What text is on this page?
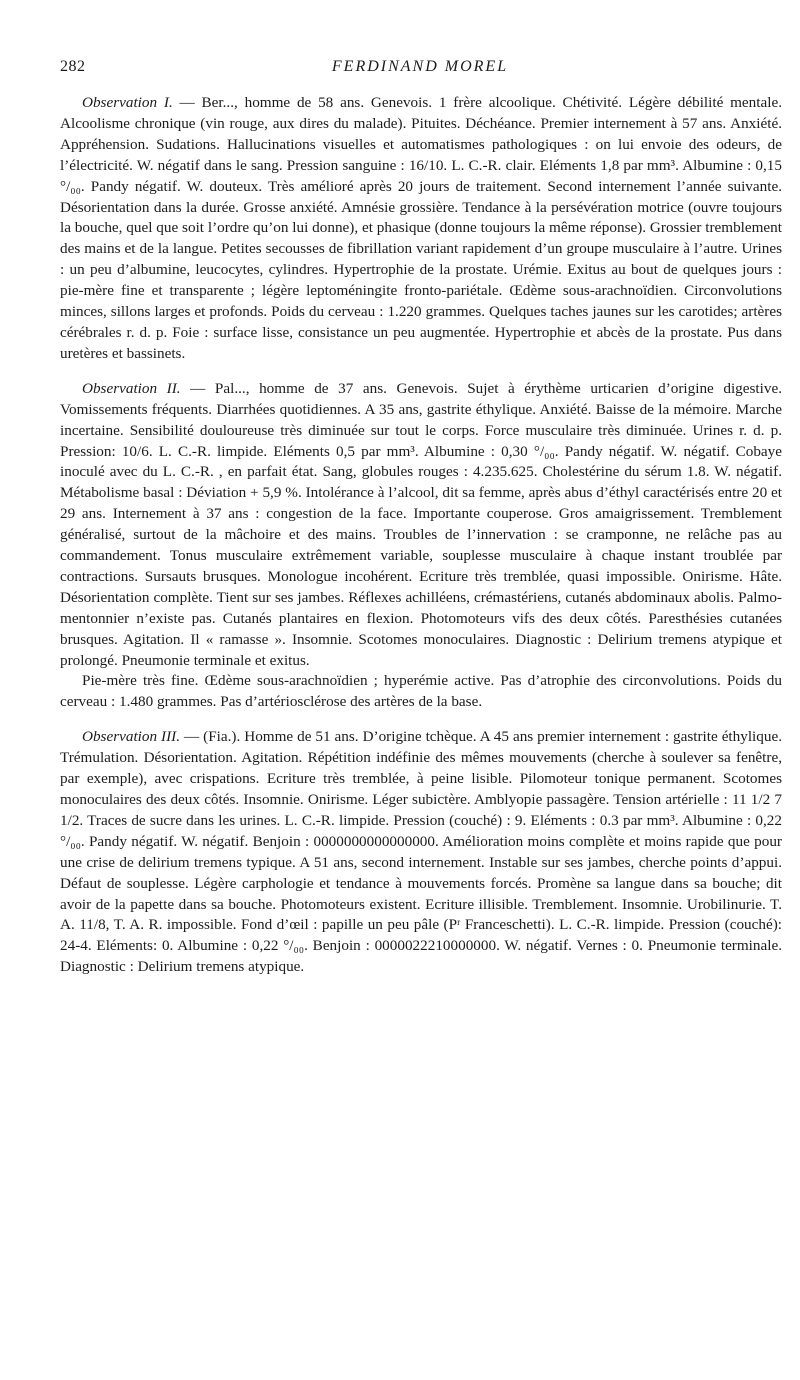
282	FERDINAND MOREL

Observation I. — Ber..., homme de 58 ans. Genevois. 1 frère alcoolique. Chétivité. Légère débilité mentale. Alcoolisme chronique (vin rouge, aux dires du malade). Pituites. Déchéance. Premier internement à 57 ans. Anxiété. Appréhension. Sudations. Hallucinations visuelles et automatismes pathologiques : on lui envoie des odeurs, de l’électricité. W. négatif dans le sang. Pression sanguine : 16/10. L. C.-R. clair. Eléments 1,8 par mm³. Albumine : 0,15 °/₀₀. Pandy négatif. W. douteux. Très amélioré après 20 jours de traitement. Second internement l’année suivante. Désorientation dans la durée. Grosse anxiété. Amnésie grossière. Tendance à la persévération motrice (ouvre toujours la bouche, quel que soit l’ordre qu’on lui donne), et phasique (donne toujours la même réponse). Grossier tremblement des mains et de la langue. Petites secousses de fibrillation variant rapidement d’un groupe musculaire à l’autre. Urines : un peu d’albumine, leucocytes, cylindres. Hypertrophie de la prostate. Urémie. Exitus au bout de quelques jours : pie-mère fine et transparente ; légère leptoméningite fronto-pariétale. Œdème sous-arachnoïdien. Circonvolutions minces, sillons larges et profonds. Poids du cerveau : 1.220 grammes. Quelques taches jaunes sur les carotides; artères cérébrales r. d. p. Foie : surface lisse, consistance un peu augmentée. Hypertrophie et abcès de la prostate. Pus dans uretères et bassinets.

Observation II. — Pal..., homme de 37 ans. Genevois. Sujet à érythème urticarien d’origine digestive. Vomissements fréquents. Diarrhées quotidiennes. A 35 ans, gastrite éthylique. Anxiété. Baisse de la mémoire. Marche incertaine. Sensibilité douloureuse très diminuée sur tout le corps. Force musculaire très diminuée. Urines r. d. p. Pression: 10/6. L. C.-R. limpide. Eléments 0,5 par mm³. Albumine : 0,30 °/₀₀. Pandy négatif. W. négatif. Cobaye inoculé avec du L. C.-R. , en parfait état. Sang, globules rouges : 4.235.625. Cholestérine du sérum 1.8. W. négatif. Métabolisme basal : Déviation + 5,9 %. Intolérance à l’alcool, dit sa femme, après abus d’éthyl caractérisés entre 20 et 29 ans. Internement à 37 ans : congestion de la face. Importante couperose. Gros amaigrissement. Tremblement généralisé, surtout de la mâchoire et des mains. Troubles de l’innervation : se cramponne, ne relâche pas au commandement. Tonus musculaire extrêmement variable, souplesse musculaire à chaque instant troublée par contractions. Sursauts brusques. Monologue incohérent. Ecriture très tremblée, quasi impossible. Onirisme. Hâte. Désorientation complète. Tient sur ses jambes. Réflexes achilléens, crémastériens, cutanés abdominaux abolis. Palmo-mentonnier n’existe pas. Cutanés plantaires en flexion. Photomoteurs vifs des deux côtés. Paresthésies cutanées brusques. Agitation. Il « ramasse ». Insomnie. Scotomes monoculaires. Diagnostic : Delirium tremens atypique et prolongé. Pneumonie terminale et exitus.

Pie-mère très fine. Œdème sous-arachnoïdien ; hyperémie active. Pas d’atrophie des circonvolutions. Poids du cerveau : 1.480 grammes. Pas d’artériosclérose des artères de la base.

Observation III. — (Fia.). Homme de 51 ans. D’origine tchèque. A 45 ans premier internement : gastrite éthylique. Trémulation. Désorientation. Agitation. Répétition indéfinie des mêmes mouvements (cherche à soulever sa fenêtre, par exemple), avec crispations. Ecriture très tremblée, à peine lisible. Pilomoteur tonique permanent. Scotomes monoculaires des deux côtés. Insomnie. Onirisme. Léger subictère. Amblyopie passagère. Tension artérielle : 11 1/2 7 1/2. Traces de sucre dans les urines. L. C.-R. limpide. Pression (couché) : 9. Eléments : 0.3 par mm³. Albumine : 0,22 °/₀₀. Pandy négatif. W. négatif. Benjoin : 0000000000000000. Amélioration moins complète et moins rapide que pour une crise de delirium tremens typique. A 51 ans, second internement. Instable sur ses jambes, cherche points d’appui. Défaut de souplesse. Légère carphologie et tendance à mouvements forcés. Promène sa langue dans sa bouche; dit avoir de la papette dans sa bouche. Photomoteurs existent. Ecriture illisible. Tremblement. Insomnie. Urobilinurie. T. A. 11/8, T. A. R. impossible. Fond d’œil : papille un peu pâle (Pʳ Franceschetti). L. C.-R. limpide. Pression (couché): 24-4. Eléments: 0. Albumine : 0,22 °/₀₀. Benjoin : 0000022210000000. W. négatif. Vernes : 0. Pneumonie terminale. Diagnostic : Delirium tremens atypique.
